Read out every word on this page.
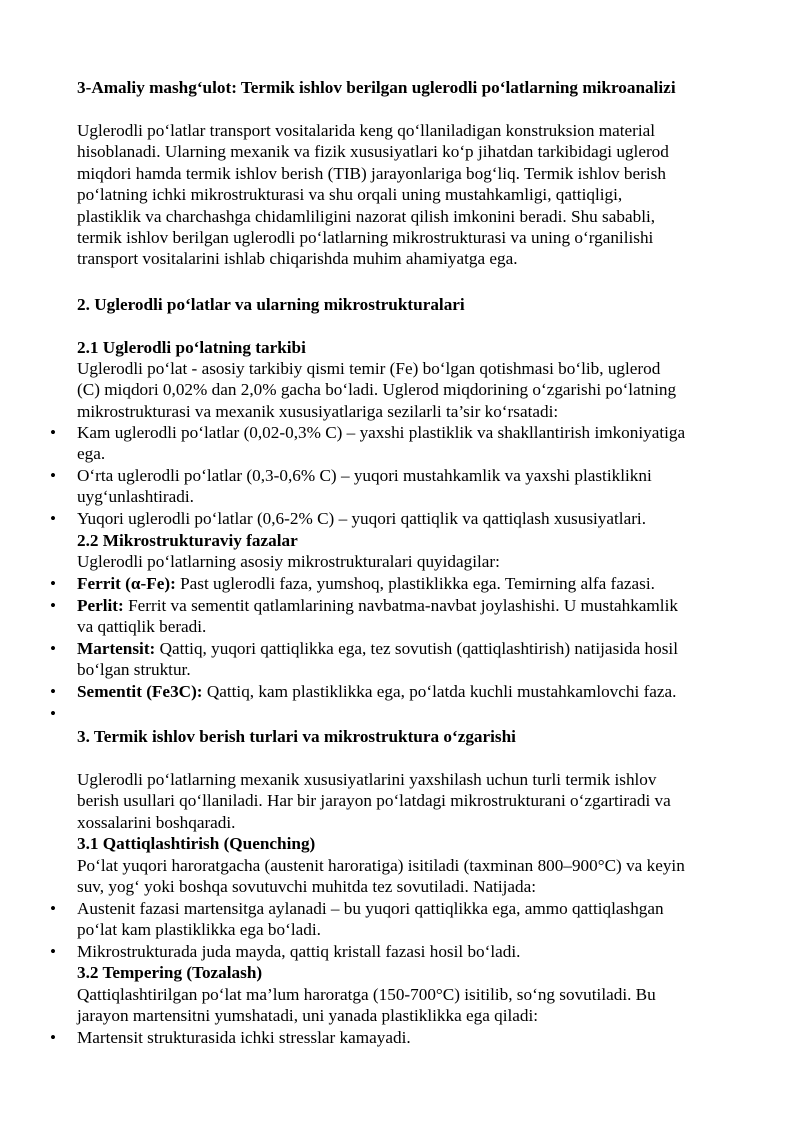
3-Amaliy mashg‘ulot: Termik ishlov berilgan uglerodli po‘latlarning mikroanalizi
Uglerodli po‘latlar transport vositalarida keng qo‘llaniladigan konstruksion material
hisoblanadi. Ularning mexanik va fizik xususiyatlari ko‘p jihatdan tarkibidagi uglerod
miqdori hamda termik ishlov berish (TIB) jarayonlariga bog‘liq. Termik ishlov berish
po‘latning ichki mikrostrukturasi va shu orqali uning mustahkamligi, qattiqligi,
plastiklik va charchashga chidamliligini nazorat qilish imkonini beradi. Shu sababli,
termik ishlov berilgan uglerodli po‘latlarning mikrostrukturasi va uning o‘rganilishi
transport vositalarini ishlab chiqarishda muhim ahamiyatga ega.
2. Uglerodli po‘latlar va ularning mikrostrukturalari
2.1 Uglerodli po‘latning tarkibi
Uglerodli po‘lat - asosiy tarkibiy qismi temir (Fe) bo‘lgan qotishmasi bo‘lib, uglerod
(C) miqdori 0,02% dan 2,0% gacha bo‘ladi. Uglerod miqdorining o‘zgarishi po‘latning
mikrostrukturasi va mexanik xususiyatlariga sezilarli ta’sir ko‘rsatadi:
• Kam uglerodli po‘latlar (0,02-0,3% C) – yaxshi plastiklik va shakllantirish imkoniyatiga
ega.
• O‘rta uglerodli po‘latlar (0,3-0,6% C) – yuqori mustahkamlik va yaxshi plastiklikni
uyg‘unlashtiradi.
• Yuqori uglerodli po‘latlar (0,6-2% C) – yuqori qattiqlik va qattiqlash xususiyatlari.
2.2 Mikrostrukturaviy fazalar
Uglerodli po‘latlarning asosiy mikrostrukturalari quyidagilar:
• Ferrit (α-Fe): Past uglerodli faza, yumshoq, plastiklikka ega. Temirning alfa fazasi.
• Perlit: Ferrit va sementit qatlamlarining navbatma-navbat joylashishi. U mustahkamlik
va qattiqlik beradi.
• Martensit: Qattiq, yuqori qattiqlikka ega, tez sovutish (qattiqlashtirish) natijasida hosil
bo‘lgan struktur.
• Sementit (Fe3C): Qattiq, kam plastiklikka ega, po‘latda kuchli mustahkamlovchi faza.
•
3. Termik ishlov berish turlari va mikrostruktura o‘zgarishi
Uglerodli po‘latlarning mexanik xususiyatlarini yaxshilash uchun turli termik ishlov
berish usullari qo‘llaniladi. Har bir jarayon po‘latdagi mikrostrukturani o‘zgartiradi va
xossalarini boshqaradi.
3.1 Qattiqlashtirish (Quenching)
Po‘lat yuqori haroratgacha (austenit haroratiga) isitiladi (taxminan 800–900°C) va keyin
suv, yog‘ yoki boshqa sovutuvchi muhitda tez sovutiladi. Natijada:
• Austenit fazasi martensitga aylanadi – bu yuqori qattiqlikka ega, ammo qattiqlashgan
po‘lat kam plastiklikka ega bo‘ladi.
• Mikrostrukturada juda mayda, qattiq kristall fazasi hosil bo‘ladi.
3.2 Tempering (Tozalash)
Qattiqlashtirilgan po‘lat ma’lum haroratga (150-700°C) isitilib, so‘ng sovutiladi. Bu
jarayon martensitni yumshatadi, uni yanada plastiklikka ega qiladi:
• Martensit strukturasida ichki stresslar kamayadi.
